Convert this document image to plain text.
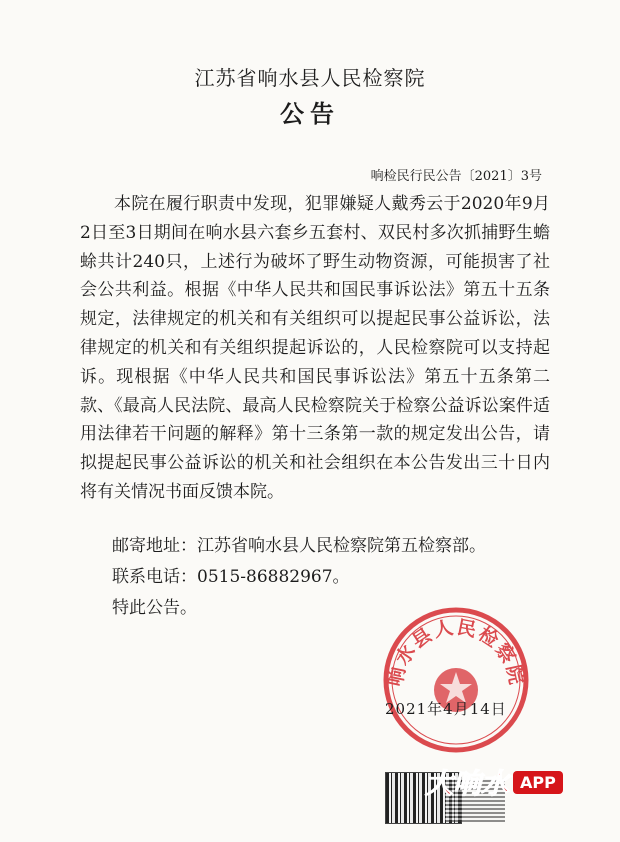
江苏省响水县人民检察院
公告
响检民行民公告〔2021〕3号

本院在履行职责中发现，犯罪嫌疑人戴秀云于2020年9月2日至3日期间在响水县六套乡五套村、双民村多次抓捕野生蟾蜍共计240只，上述行为破坏了野生动物资源，可能损害了社会公共利益。根据《中华人民共和国民事诉讼法》第五十五条规定，法律规定的机关和有关组织可以提起民事公益诉讼，法律规定的机关和有关组织提起诉讼的，人民检察院可以支持起诉。现根据《中华人民共和国民事诉讼法》第五十五条第二款、《最高人民法院、最高人民检察院关于检察公益诉讼案件适用法律若干问题的解释》第十三条第一款的规定发出公告，请拟提起民事公益诉讼的机关和社会组织在本公告发出三十日内将有关情况书面反馈本院。

邮寄地址：江苏省响水县人民检察院第五检察部。
联系电话：0515-86882967。
特此公告。
响水县人民检察院
2021年4月14日
大响水 APP
